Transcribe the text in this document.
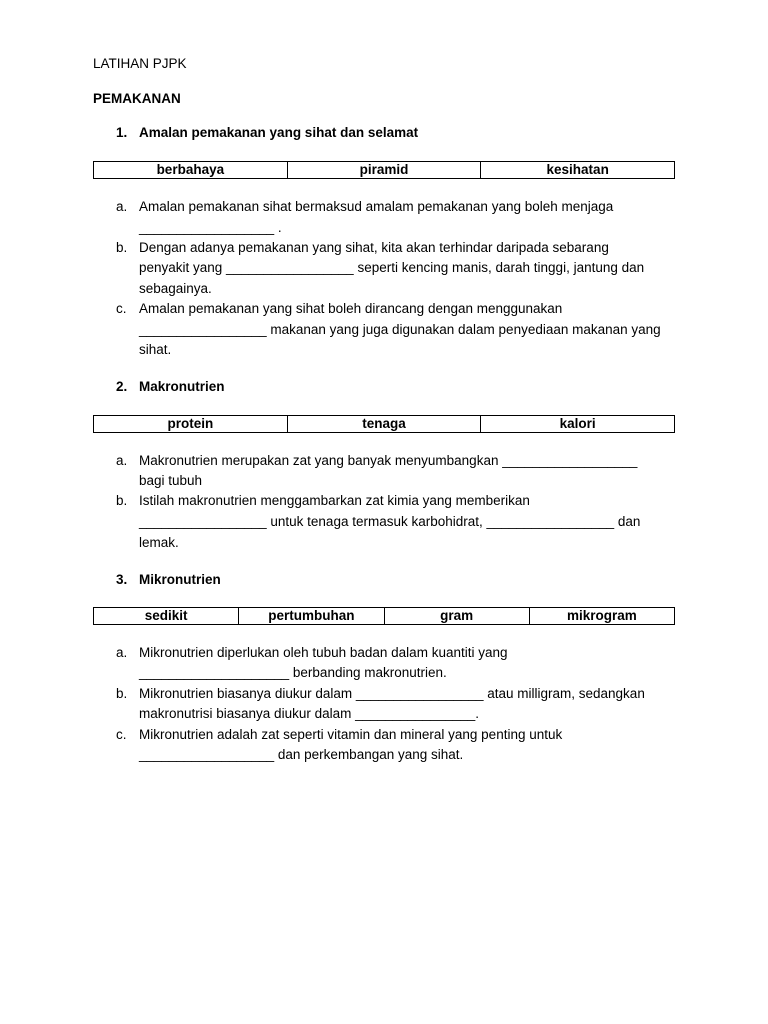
LATIHAN PJPK
PEMAKANAN
1. Amalan pemakanan yang sihat dan selamat
berbahaya	piramid	kesihatan
a. Amalan pemakanan sihat bermaksud amalam pemakanan yang boleh menjaga
__________________ .
b. Dengan adanya pemakanan yang sihat, kita akan terhindar daripada sebarang
penyakit yang _________________ seperti kencing manis, darah tinggi, jantung dan
sebagainya.
c. Amalan pemakanan yang sihat boleh dirancang dengan menggunakan
_________________ makanan yang juga digunakan dalam penyediaan makanan yang
sihat.
2. Makronutrien
protein	tenaga	kalori
a. Makronutrien merupakan zat yang banyak menyumbangkan __________________
bagi tubuh
b. Istilah makronutrien menggambarkan zat kimia yang memberikan
_________________ untuk tenaga termasuk karbohidrat, _________________ dan
lemak.
3. Mikronutrien
sedikit	pertumbuhan	gram	mikrogram
a. Mikronutrien diperlukan oleh tubuh badan dalam kuantiti yang
____________________ berbanding makronutrien.
b. Mikronutrien biasanya diukur dalam _________________ atau milligram, sedangkan
makronutrisi biasanya diukur dalam ________________.
c. Mikronutrien adalah zat seperti vitamin dan mineral yang penting untuk
__________________ dan perkembangan yang sihat.
